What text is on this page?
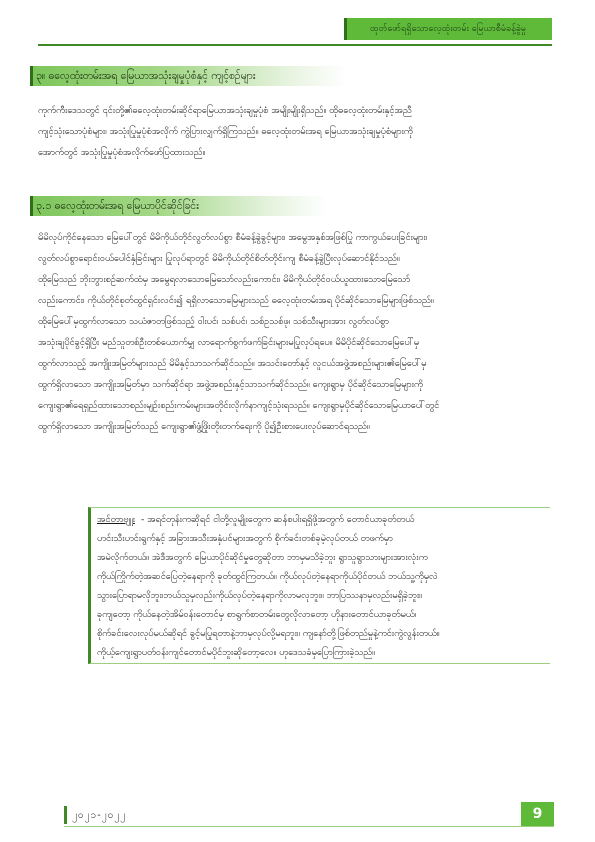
ထုတ်ဖော်ရရှိသောလေ့ထုံးတမ်း မြေယာစီမံခန့်ခွဲမှု
၃။ ဓလေ့ထုံးတမ်းအရ မြေယာအသုံးချမှုပုံစံနှင့် ကျင့်စဉ်များ

ကုက်ကီးဒေသတွင် ၎င်းတို့၏ဓလေ့ထုံးတမ်းဆိုင်ရာမြေယာအသုံးချမှုပုံစံ အမျိုးမျိုးရှိသည်။ ထိုဓလေ့ထုံးတမ်းနှင့်အညီ

ကျင့်သုံးသောပုံစံများ၊ အသုံးပြုမှုပုံစံအလိုက် ကွဲပြားလျှက်ရှိကြသည်။ ဓလေ့ထုံးတမ်းအရ မြေယာအသုံးချမှုပုံစံများကို

အောက်တွင် အသုံးပြုမှုပုံစံအလိုက်ဖော်ပြထားသည်။

၃.၁ ဓလေ့ထုံးတမ်းအရ မြေယာပိုင်ဆိုင်ခြင်း

မိမိလုပ်ကိုင်နေသော မြေပေါ်တွင် မိမိကိုယ်တိုင်လွတ်လပ်စွာ စီမံခန့်ခွဲခွင့်များ၊ အမွေအနှစ်အဖြစ်ပြု ကာကွယ်ပေးခြင်းများ၊

လွတ်လပ်စွာရောင်းဝယ်ပေါင်နှံခြင်းများ ပြုလုပ်ရာတွင် မိမိကိုယ်တိုင်စိတ်တိုင်းကျ စီမံခန့်ခွဲပြီးလုပ်ဆောင်နိုင်သည်။

ထိုမြေသည် ဘိုးဘွားစဉ်ဆက်ထံမှ အမွေရလာသောမြေသော်လည်းကောင်း၊ မိမိကိုယ်တိုင်ဝယ်ယူထားသောမြေသော်

လည်းကောင်း၊ ကိုယ်တိုင်စုတ်ထွင်ရှင်းလင်း၍ ရရှိလာသောမြေများသည် ဓလေ့ထုံးတမ်းအရ ပိုင်ဆိုင်သောမြေများဖြစ်သည်။

ထိုမြေပေါ်မှထွက်လာသော သယံဇာတဖြစ်သည့် ဝါးပင်၊ သစ်ပင်၊ သစ်ဥသစ်ဖု၊ သစ်သီးများအား လွတ်လပ်စွာ

အသုံးချပိုင်ခွင့်ရှိပြီး မည်သူတစ်ဦးတစ်ယောက်မျှ လာရောက်စွက်ဖက်ခြင်းများမပြုလုပ်ရပေ။ မိမိပိုင်ဆိုင်သောမြေပေါ်မှ

ထွက်လာသည့် အကျိုးအမြတ်များသည် မိမိနှင့်သာသက်ဆိုင်သည်။ အသင်းတော်နှင့် လူငယ်အဖွဲ့အစည်းများ၏မြေပေါ်မှ

ထွက်ရှိလာသော အကျိုးအမြတ်မှာ သက်ဆိုင်ရာ အဖွဲ့အစည်းနှင့်သာသက်ဆိုင်သည်။ ကျေးရွာမှ ပိုင်ဆိုင်သောမြေများကို

ကျေးရွာ၏ရေရှည်ထားသောစည်းမျဉ်းစည်းကမ်းများအတိုင်းလိုက်နာကျင့်သုံးရသည်။ ကျေးရွာမှပိုင်ဆိုင်သောမြေယာပေါ်တွင်

ထွက်ရှိလာသော အကျိုးအမြတ်သည် ကျေးရွာ၏ဖွံ့ဖြိုးတိုးတက်ရေးကို ပို၍ဦးစားပေးလုပ်ဆောင်ရသည်။

အင်တာဗျူး - အရင်တုန်းကဆိုရင် ငါတို့လူမျိုးတွေက ဆန်စပါးရရှိဖို့အတွက် တောင်ယာခုတ်တယ်

ဟင်းသီးဟင်းရွက်နှင့် အခြားအသီးအနှံပင်များအတွက် စိုက်ခင်းတစ်ခုမဲ့လုပ်တယ် တဖက်မှာ

အမဲလိုက်တယ်။ အဲဒီအတွက် မြေယာပိုင်ဆိုင်မှုတွေဆိုတာ ဘာမှမသိခဲ့ဘူး ရွာသူရွာသားများအားလုံးက

ကိုယ်ကြိုက်တဲ့အဆင်ပြေတဲ့နေရာကို ခုတ်ထွင်ကြတယ်။ ကိုယ်လုပ်တဲ့နေရာကိုယ်ပိုင်တယ် ဘယ်သူ့ကိုမှလဲ

သွားပြောရာမလိုဘူး၊ဘယ်သူမှလည်းကိုယ်လုပ်တဲ့နေရာကိုလာမလုဘူး။ ဘာပြဿနာမှလည်းမရှိခဲ့ဘူး။

ခုကျတော့ ကိုယ်နေတဲ့အိမ်ဝန်းတောင်မှ စာရွက်စာတမ်းတွေလိုလာတော့ ဟိုနားတောင်ယာခုတ်မယ်၊

စိုက်ခင်းလေးလုပ်မယ်ဆိုရင် ခွင့်မပြုရတာနဲ့ဘာမှလုပ်လို့မရဘူး။ ကျနော်တို့ဖြစ်တည်မှုနဲ့ကင်းကွဲလွန်းတယ်။

ကိုယ့်ကျေးရွာပတ်ဝန်းကျင်တောင်မပိုင်ဘူးဆိုတော့လေ။ ဟုဒေသခံမှပြောကြားခဲ့သည်။

၂၀၂၁-၂၀၂၂	9
